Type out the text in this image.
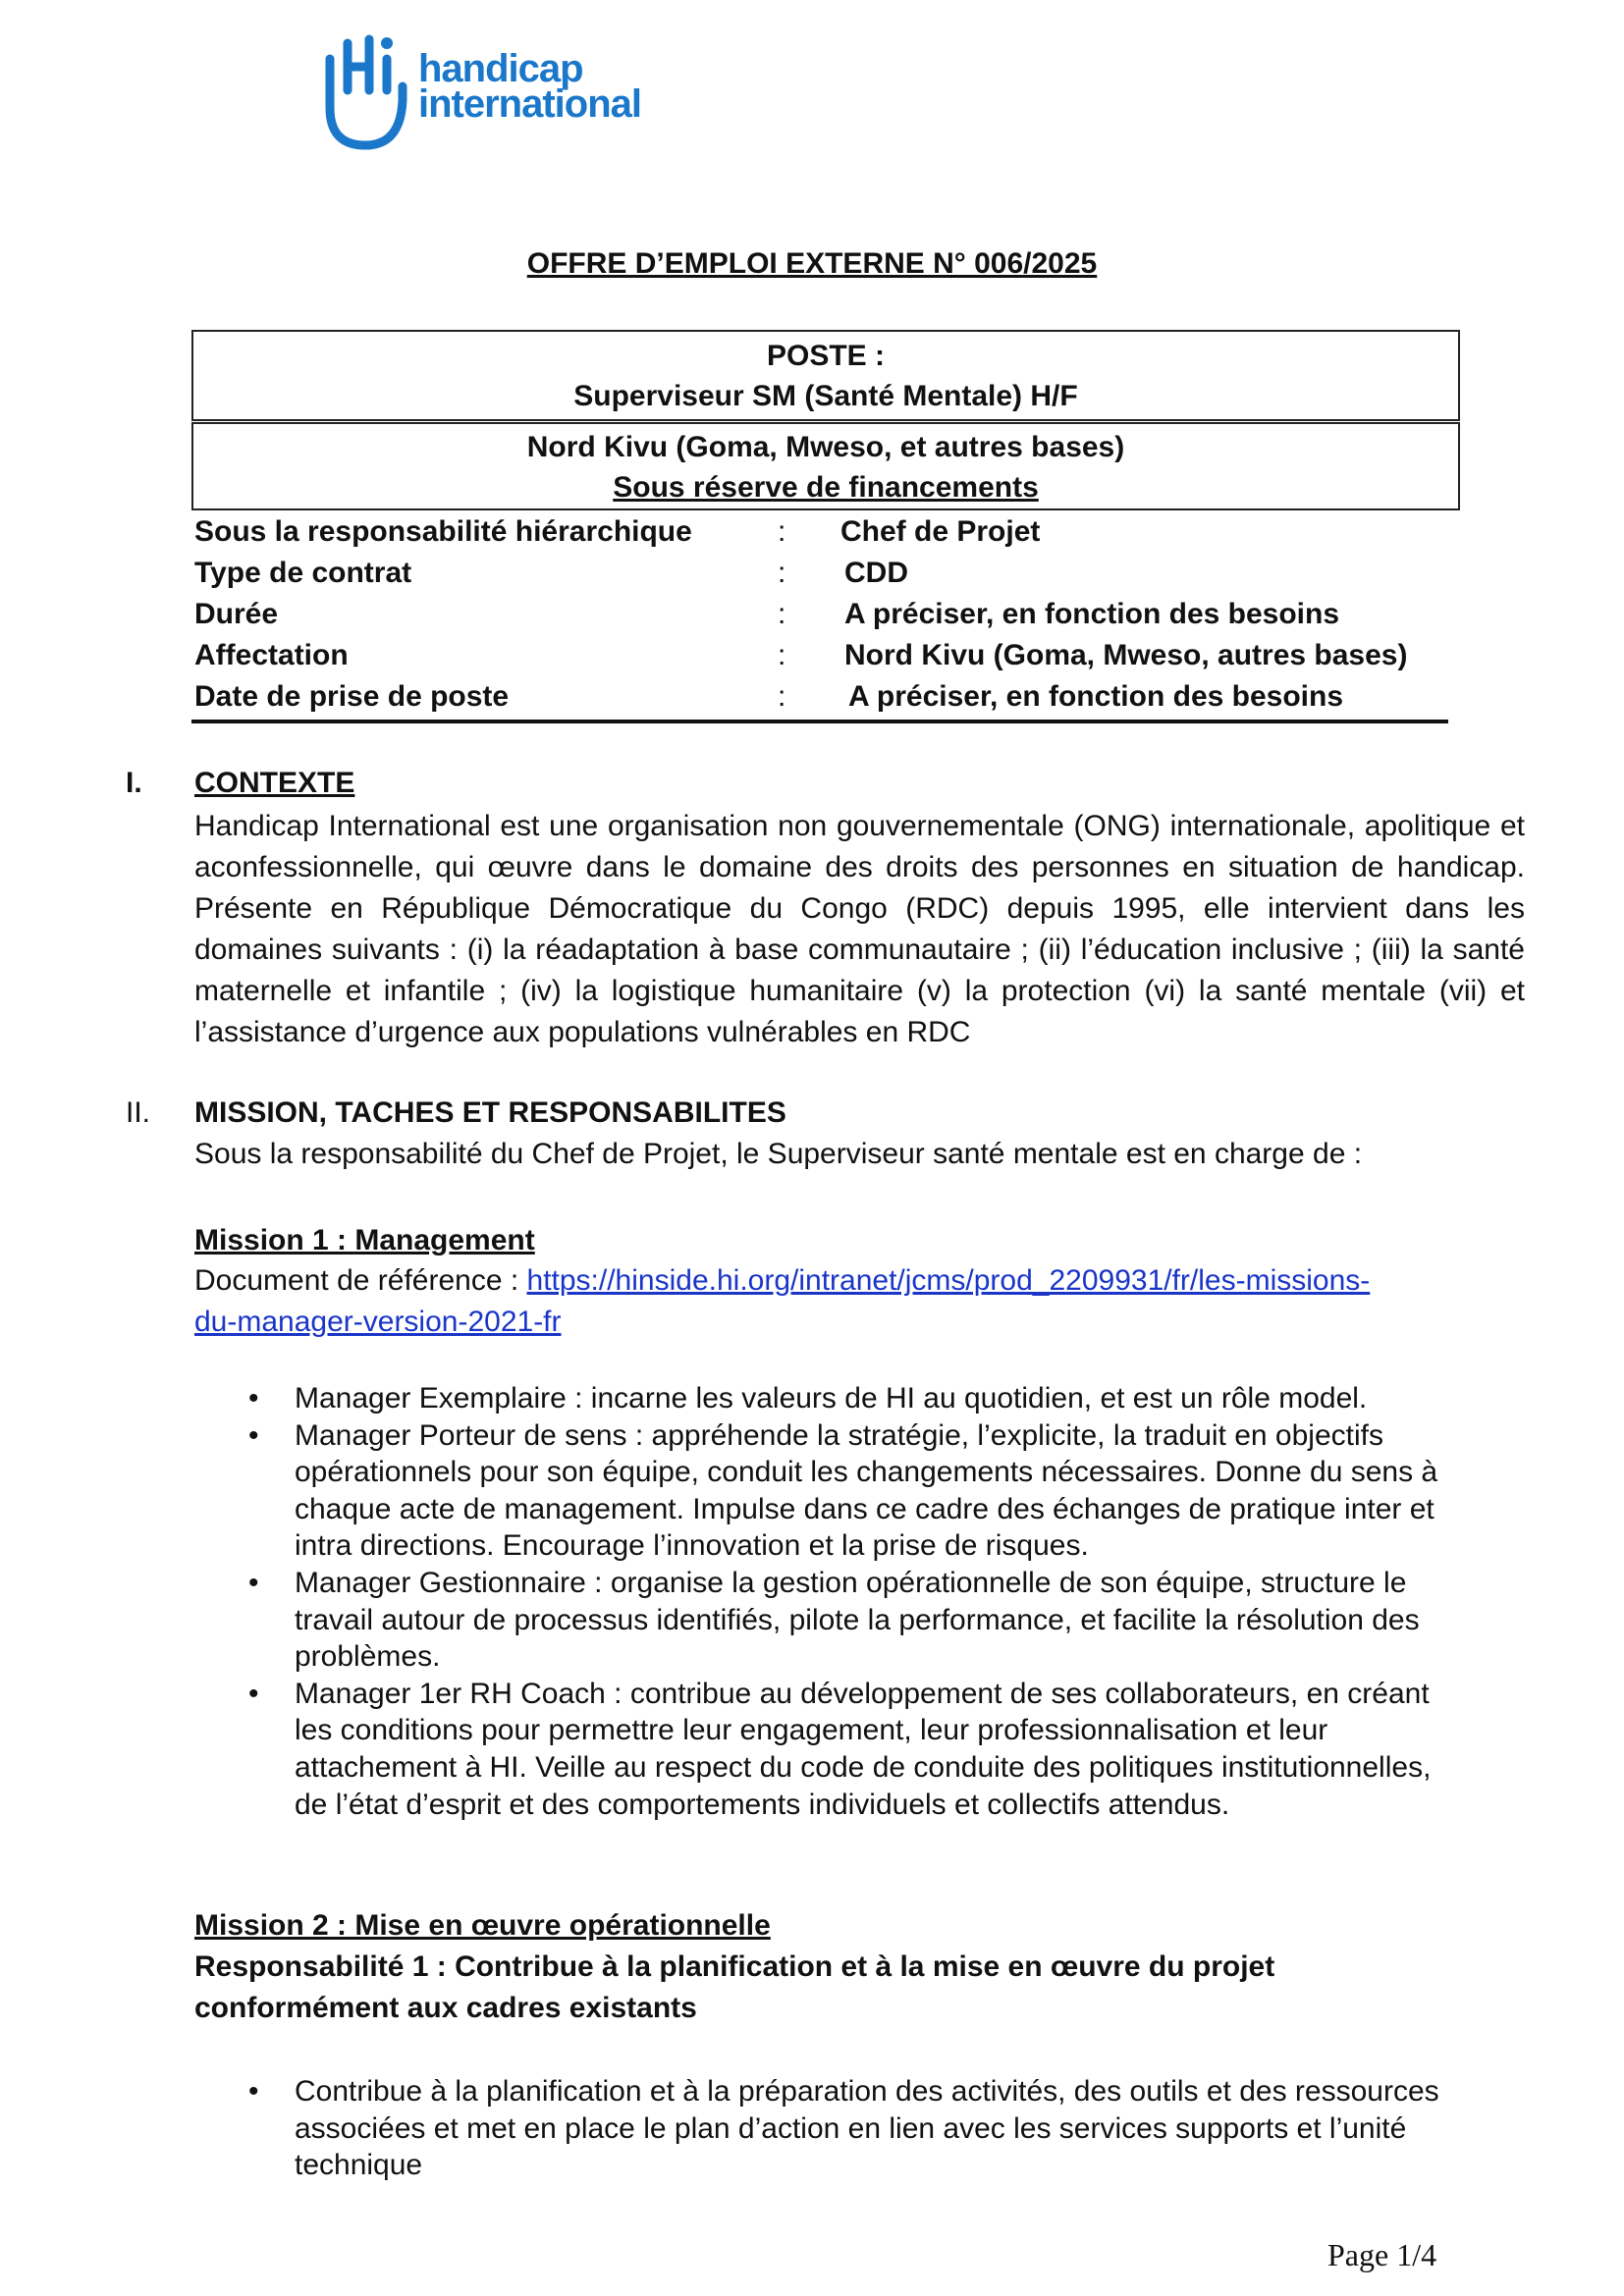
handicap
international
OFFRE D’EMPLOI EXTERNE N° 006/2025
POSTE :
Superviseur SM (Santé Mentale) H/F
Nord Kivu (Goma, Mweso, et autres bases)
Sous réserve de financements
Sous la responsabilité hiérarchique	: Chef de Projet
Type de contrat	: CDD
Durée	: A préciser, en fonction des besoins
Affectation	: Nord Kivu (Goma, Mweso, autres bases)
Date de prise de poste	: A préciser, en fonction des besoins
I. CONTEXTE
Handicap International est une organisation non gouvernementale (ONG) internationale, apolitique et aconfessionnelle, qui œuvre dans le domaine des droits des personnes en situation de handicap. Présente en République Démocratique du Congo (RDC) depuis 1995, elle intervient dans les domaines suivants : (i) la réadaptation à base communautaire ; (ii) l’éducation inclusive ; (iii) la santé maternelle et infantile ; (iv) la logistique humanitaire (v) la protection (vi) la santé mentale (vii) et l’assistance d’urgence aux populations vulnérables en RDC
II. MISSION, TACHES ET RESPONSABILITES
Sous la responsabilité du Chef de Projet, le Superviseur santé mentale est en charge de :
Mission 1 : Management
Document de référence : https://hinside.hi.org/intranet/jcms/prod_2209931/fr/les-missions-
du-manager-version-2021-fr
• Manager Exemplaire : incarne les valeurs de HI au quotidien, et est un rôle model.
• Manager Porteur de sens : appréhende la stratégie, l’explicite, la traduit en objectifs opérationnels pour son équipe, conduit les changements nécessaires. Donne du sens à chaque acte de management. Impulse dans ce cadre des échanges de pratique inter et intra directions. Encourage l’innovation et la prise de risques.
• Manager Gestionnaire : organise la gestion opérationnelle de son équipe, structure le travail autour de processus identifiés, pilote la performance, et facilite la résolution des problèmes.
• Manager 1er RH Coach : contribue au développement de ses collaborateurs, en créant les conditions pour permettre leur engagement, leur professionnalisation et leur attachement à HI. Veille au respect du code de conduite des politiques institutionnelles, de l’état d’esprit et des comportements individuels et collectifs attendus.
Mission 2 : Mise en œuvre opérationnelle
Responsabilité 1 : Contribue à la planification et à la mise en œuvre du projet
conformément aux cadres existants
• Contribue à la planification et à la préparation des activités, des outils et des ressources associées et met en place le plan d’action en lien avec les services supports et l’unité technique
Page 1/4
